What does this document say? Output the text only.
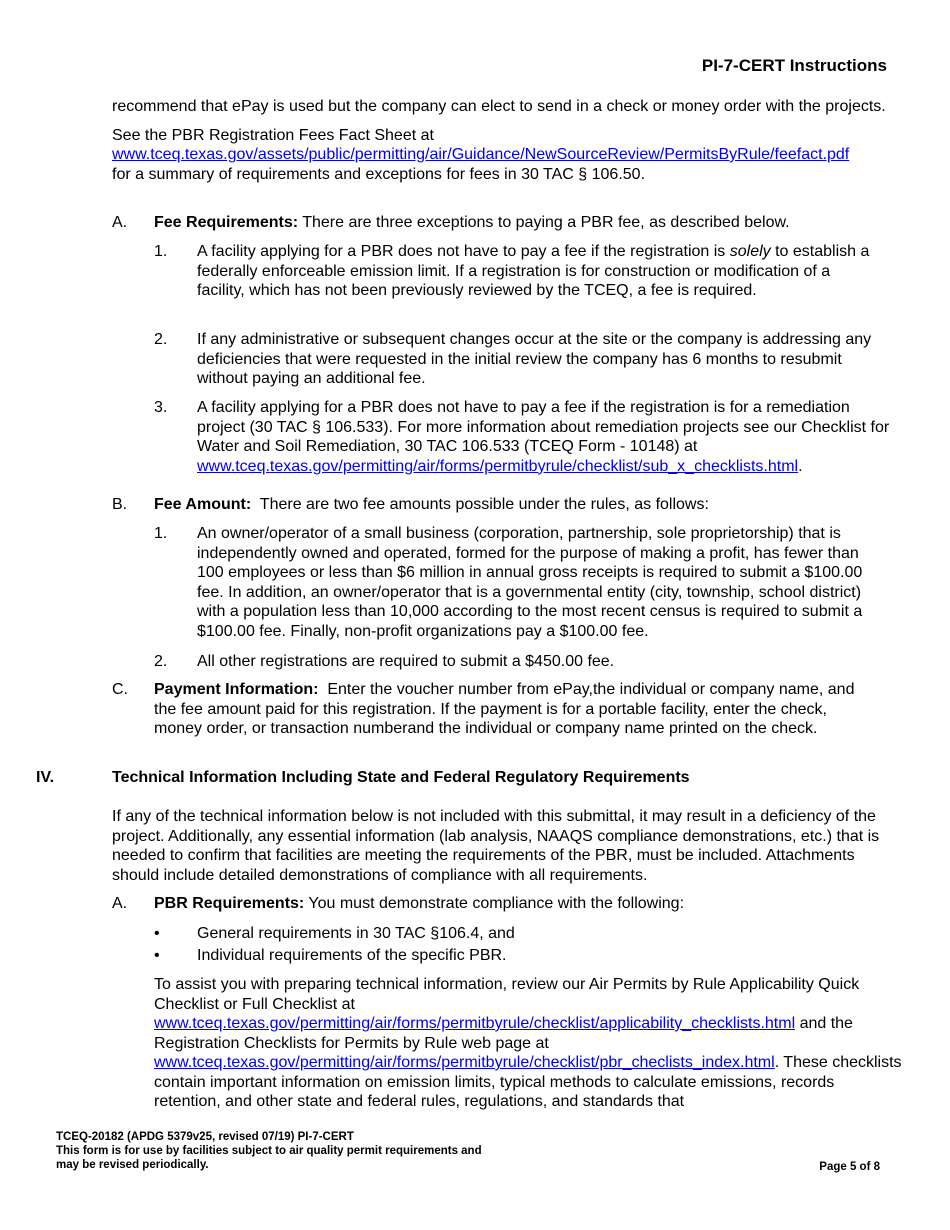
PI-7-CERT Instructions

recommend that ePay is used but the company can elect to send in a check or money order with the projects.

See the PBR Registration Fees Fact Sheet at
www.tceq.texas.gov/assets/public/permitting/air/Guidance/NewSourceReview/PermitsByRule/feefact.pdf
for a summary of requirements and exceptions for fees in 30 TAC § 106.50.

A. Fee Requirements: There are three exceptions to paying a PBR fee, as described below.
1. A facility applying for a PBR does not have to pay a fee if the registration is solely to establish a federally enforceable emission limit. If a registration is for construction or modification of a facility, which has not been previously reviewed by the TCEQ, a fee is required.
2. If any administrative or subsequent changes occur at the site or the company is addressing any deficiencies that were requested in the initial review the company has 6 months to resubmit without paying an additional fee.
3. A facility applying for a PBR does not have to pay a fee if the registration is for a remediation project (30 TAC § 106.533). For more information about remediation projects see our Checklist for Water and Soil Remediation, 30 TAC 106.533 (TCEQ Form - 10148) at www.tceq.texas.gov/permitting/air/forms/permitbyrule/checklist/sub_x_checklists.html.
B. Fee Amount:  There are two fee amounts possible under the rules, as follows:
1. An owner/operator of a small business (corporation, partnership, sole proprietorship) that is independently owned and operated, formed for the purpose of making a profit, has fewer than 100 employees or less than $6 million in annual gross receipts is required to submit a $100.00 fee. In addition, an owner/operator that is a governmental entity (city, township, school district) with a population less than 10,000 according to the most recent census is required to submit a $100.00 fee. Finally, non-profit organizations pay a $100.00 fee.
2. All other registrations are required to submit a $450.00 fee.
C. Payment Information:  Enter the voucher number from ePay,the individual or company name, and the fee amount paid for this registration. If the payment is for a portable facility, enter the check, money order, or transaction numberand the individual or company name printed on the check.
IV.	Technical Information Including State and Federal Regulatory Requirements
If any of the technical information below is not included with this submittal, it may result in a deficiency of the project. Additionally, any essential information (lab analysis, NAAQS compliance demonstrations, etc.) that is needed to confirm that facilities are meeting the requirements of the PBR, must be included. Attachments should include detailed demonstrations of compliance with all requirements.
A. PBR Requirements: You must demonstrate compliance with the following:
• General requirements in 30 TAC §106.4, and
• Individual requirements of the specific PBR.
To assist you with preparing technical information, review our Air Permits by Rule Applicability Quick Checklist or Full Checklist at
www.tceq.texas.gov/permitting/air/forms/permitbyrule/checklist/applicability_checklists.html and the Registration Checklists for Permits by Rule web page at
www.tceq.texas.gov/permitting/air/forms/permitbyrule/checklist/pbr_checlists_index.html. These checklists contain important information on emission limits, typical methods to calculate emissions, records retention, and other state and federal rules, regulations, and standards that
TCEQ-20182 (APDG 5379v25, revised 07/19) PI-7-CERT
This form is for use by facilities subject to air quality permit requirements and
may be revised periodically.	Page 5 of 8
